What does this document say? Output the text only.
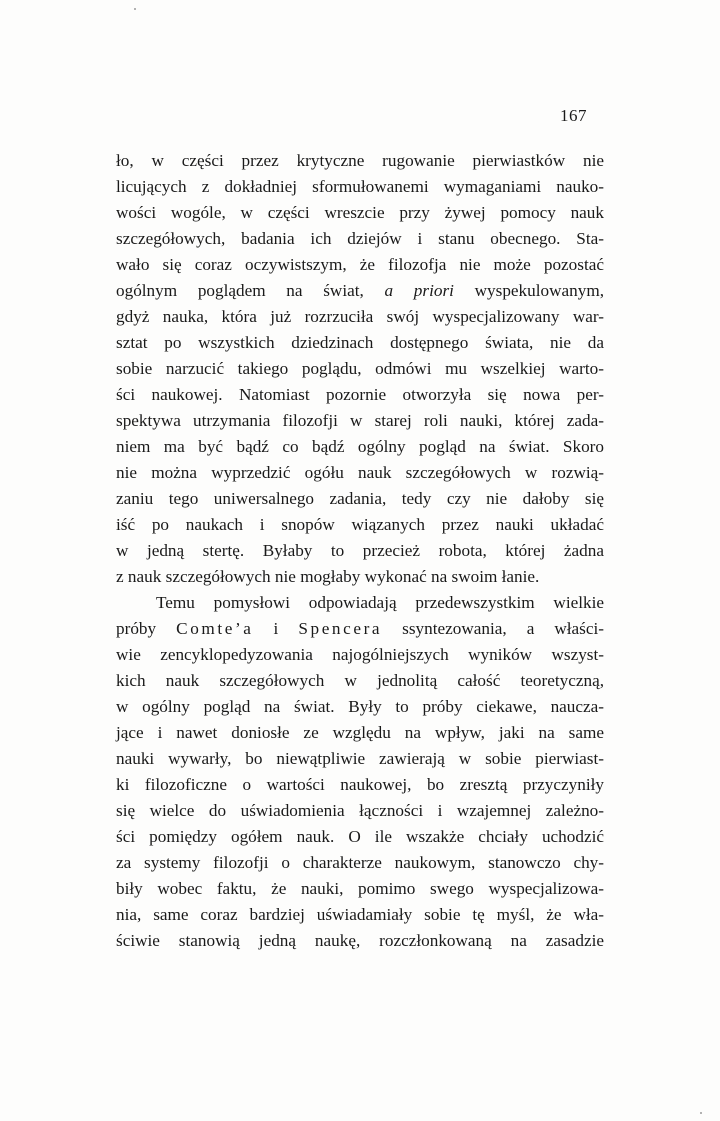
167
ło, w części przez krytyczne rugowanie pierwiastków nie
licujących z dokładniej sformułowanemi wymaganiami nauko-
wości wogóle, w części wreszcie przy żywej pomocy nauk
szczegółowych, badania ich dziejów i stanu obecnego. Sta-
wało się coraz oczywistszym, że filozofja nie może pozostać
ogólnym poglądem na świat, a priori wyspekulowanym,
gdyż nauka, która już rozrzuciła swój wyspecjalizowany war-
sztat po wszystkich dziedzinach dostępnego świata, nie da
sobie narzucić takiego poglądu, odmówi mu wszelkiej warto-
ści naukowej. Natomiast pozornie otworzyła się nowa per-
spektywa utrzymania filozofji w starej roli nauki, której zada-
niem ma być bądź co bądź ogólny pogląd na świat. Skoro
nie można wyprzedzić ogółu nauk szczegółowych w rozwią-
zaniu tego uniwersalnego zadania, tedy czy nie dałoby się
iść po naukach i snopów wiązanych przez nauki układać
w jedną stertę. Byłaby to przecież robota, której żadna
z nauk szczegółowych nie mogłaby wykonać na swoim łanie.
Temu pomysłowi odpowiadają przedewszystkim wielkie
próby Comte’a i Spencera ssyntezowania, a właści-
wie zencyklopedyzowania najogólniejszych wyników wszyst-
kich nauk szczegółowych w jednolitą całość teoretyczną,
w ogólny pogląd na świat. Były to próby ciekawe, naucza-
jące i nawet doniosłe ze względu na wpływ, jaki na same
nauki wywarły, bo niewątpliwie zawierają w sobie pierwiast-
ki filozoficzne o wartości naukowej, bo zresztą przyczyniły
się wielce do uświadomienia łączności i wzajemnej zależno-
ści pomiędzy ogółem nauk. O ile wszakże chciały uchodzić
za systemy filozofji o charakterze naukowym, stanowczo chy-
biły wobec faktu, że nauki, pomimo swego wyspecjalizowa-
nia, same coraz bardziej uświadamiały sobie tę myśl, że wła-
ściwie stanowią jedną naukę, rozczłonkowaną na zasadzie
